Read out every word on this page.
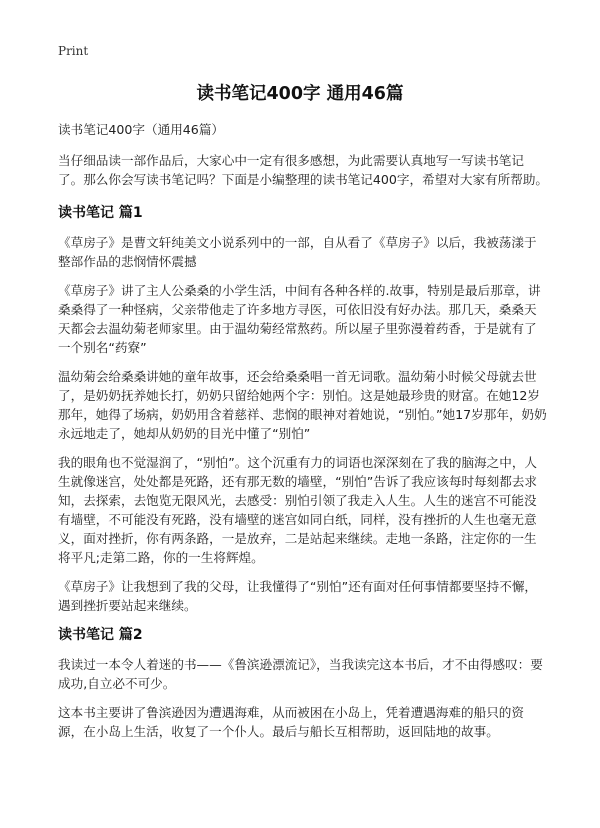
Print
读书笔记400字 通用46篇

读书笔记400字（通用46篇）

当仔细品读一部作品后，大家心中一定有很多感想，为此需要认真地写一写读书笔记了。那么你会写读书笔记吗？下面是小编整理的读书笔记400字，希望对大家有所帮助。

读书笔记 篇1

《草房子》是曹文轩纯美文小说系列中的一部，自从看了《草房子》以后，我被荡漾于整部作品的悲悯情怀震撼

《草房子》讲了主人公桑桑的小学生活，中间有各种各样的.故事，特别是最后那章，讲桑桑得了一种怪病，父亲带他走了许多地方寻医，可依旧没有好办法。那几天，桑桑天天都会去温幼菊老师家里。由于温幼菊经常熬药。所以屋子里弥漫着药香，于是就有了一个别名“药寮”

温幼菊会给桑桑讲她的童年故事，还会给桑桑唱一首无词歌。温幼菊小时候父母就去世了，是奶奶抚养她长打，奶奶只留给她两个字：别怕。这是她最珍贵的财富。在她12岁那年，她得了场病，奶奶用含着慈祥、悲悯的眼神对着她说，“别怕。”她17岁那年，奶奶永远地走了，她却从奶奶的目光中懂了“别怕”

我的眼角也不觉湿润了，“别怕”。这个沉重有力的词语也深深刻在了我的脑海之中，人生就像迷宫，处处都是死路，还有那无数的墙壁，“别怕”告诉了我应该每时每刻都去求知，去探索，去饱览无限风光，去感受：别怕引领了我走入人生。人生的迷宫不可能没有墙壁，不可能没有死路，没有墙壁的迷宫如同白纸，同样，没有挫折的人生也毫无意义，面对挫折，你有两条路，一是放弃，二是站起来继续。走地一条路，注定你的一生将平凡;走第二路，你的一生将辉煌。

《草房子》让我想到了我的父母，让我懂得了“别怕”还有面对任何事情都要坚持不懈，遇到挫折要站起来继续。

读书笔记 篇2

我读过一本令人着迷的书——《鲁滨逊漂流记》，当我读完这本书后，才不由得感叹：要成功,自立必不可少。

这本书主要讲了鲁滨逊因为遭遇海难，从而被困在小岛上，凭着遭遇海难的船只的资源，在小岛上生活，收复了一个仆人。最后与船长互相帮助，返回陆地的故事。
